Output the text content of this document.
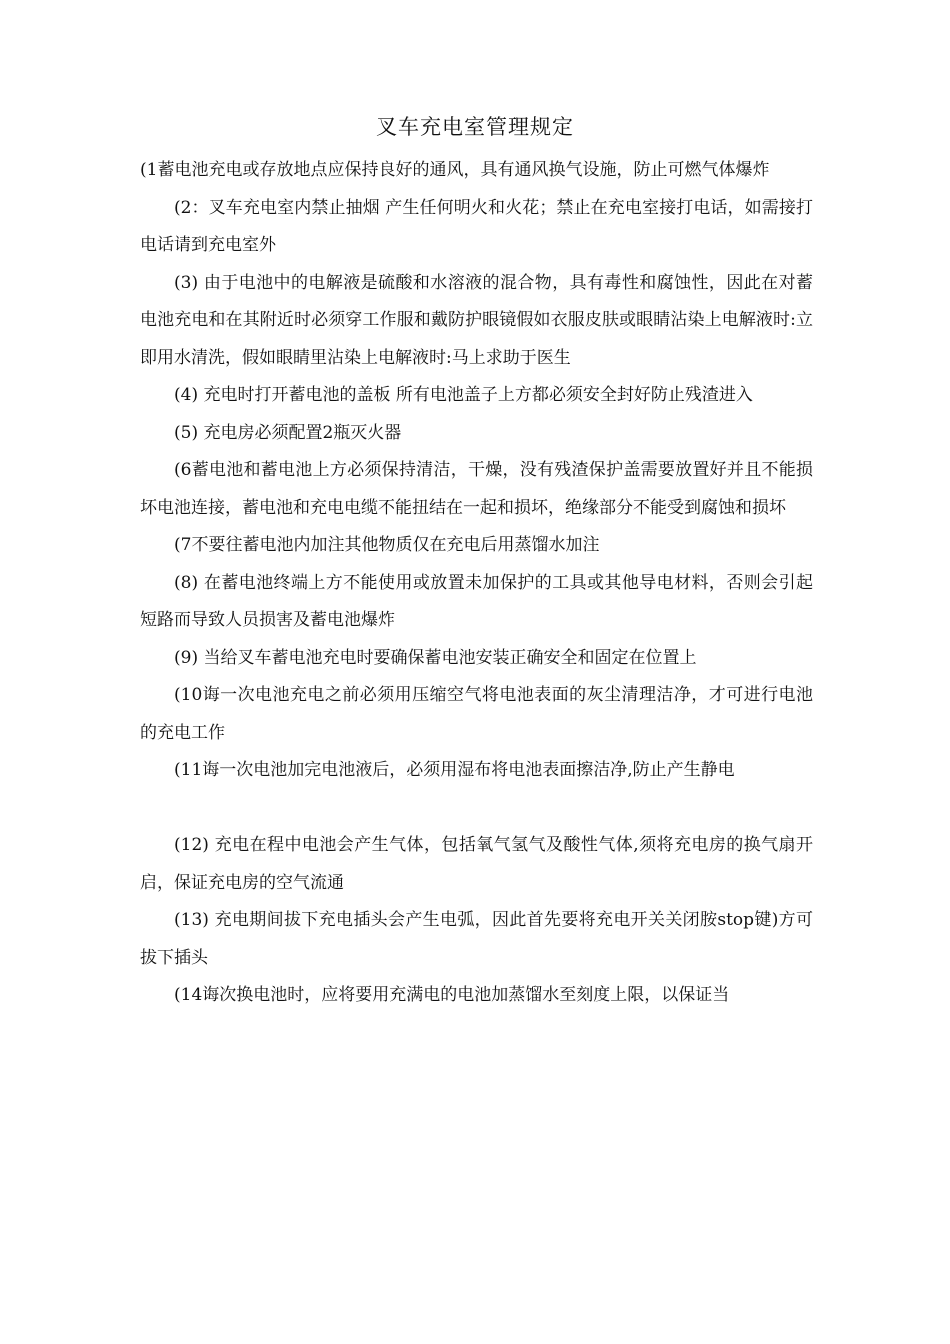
叉车充电室管理规定

(1蓄电池充电或存放地点应保持良好的通风，具有通风换气设施，防止可燃气体爆炸

(2：叉车充电室内禁止抽烟 产生任何明火和火花；禁止在充电室接打电话，如需接打电话请到充电室外

(3) 由于电池中的电解液是硫酸和水溶液的混合物，具有毒性和腐蚀性，因此在对蓄电池充电和在其附近时必须穿工作服和戴防护眼镜假如衣服皮肤或眼睛沾染上电解液时:立即用水清洗，假如眼睛里沾染上电解液时:马上求助于医生

(4) 充电时打开蓄电池的盖板 所有电池盖子上方都必须安全封好防止残渣进入

(5) 充电房必须配置2瓶灭火器

(6蓄电池和蓄电池上方必须保持清洁，干燥，没有残渣保护盖需要放置好并且不能损坏电池连接，蓄电池和充电电缆不能扭结在一起和损坏，绝缘部分不能受到腐蚀和损坏

(7不要往蓄电池内加注其他物质仅在充电后用蒸馏水加注

(8) 在蓄电池终端上方不能使用或放置未加保护的工具或其他导电材料，否则会引起短路而导致人员损害及蓄电池爆炸

(9) 当给叉车蓄电池充电时要确保蓄电池安装正确安全和固定在位置上

(10诲一次电池充电之前必须用压缩空气将电池表面的灰尘清理洁净，才可进行电池的充电工作

(11诲一次电池加完电池液后，必须用湿布将电池表面擦洁净,防止产生静电

(12) 充电在程中电池会产生气体，包括氧气氢气及酸性气体,须将充电房的换气扇开启，保证充电房的空气流通

(13) 充电期间拔下充电插头会产生电弧，因此首先要将充电开关关闭胺stop键)方可拔下插头

(14诲次换电池时，应将要用充满电的电池加蒸馏水至刻度上限，以保证当
